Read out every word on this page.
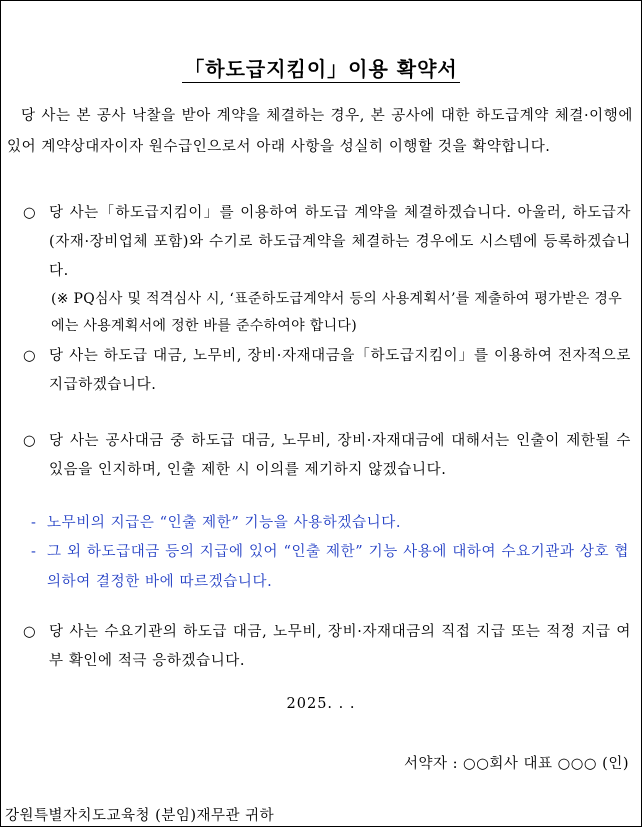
「하도급지킴이」이용 확약서
당 사는 본 공사 낙찰을 받아 계약을 체결하는 경우, 본 공사에 대한 하도급계약 체결·이행에 있어 계약상대자이자 원수급인으로서 아래 사항을 성실히 이행할 것을 확약합니다.
○ 당 사는「하도급지킴이」를 이용하여 하도급 계약을 체결하겠습니다. 아울러, 하도급자(자재·장비업체 포함)와 수기로 하도급계약을 체결하는 경우에도 시스템에 등록하겠습니다.
(※ PQ심사 및 적격심사 시, ‘표준하도급계약서 등의 사용계획서’를 제출하여 평가받은 경우에는 사용계획서에 정한 바를 준수하여야 합니다)
○ 당 사는 하도급 대금, 노무비, 장비·자재대금을「하도급지킴이」를 이용하여 전자적으로 지급하겠습니다.
○ 당 사는 공사대금 중 하도급 대금, 노무비, 장비·자재대금에 대해서는 인출이 제한될 수 있음을 인지하며, 인출 제한 시 이의를 제기하지 않겠습니다.
- 노무비의 지급은 “인출 제한” 기능을 사용하겠습니다.
- 그 외 하도급대금 등의 지급에 있어 “인출 제한” 기능 사용에 대하여 수요기관과 상호 협의하여 결정한 바에 따르겠습니다.
○ 당 사는 수요기관의 하도급 대금, 노무비, 장비·자재대금의 직접 지급 또는 적정 지급 여부 확인에 적극 응하겠습니다.
2025. . .
서약자 : ○○회사 대표 ○○○ (인)
강원특별자치도교육청 (분임)재무관 귀하
